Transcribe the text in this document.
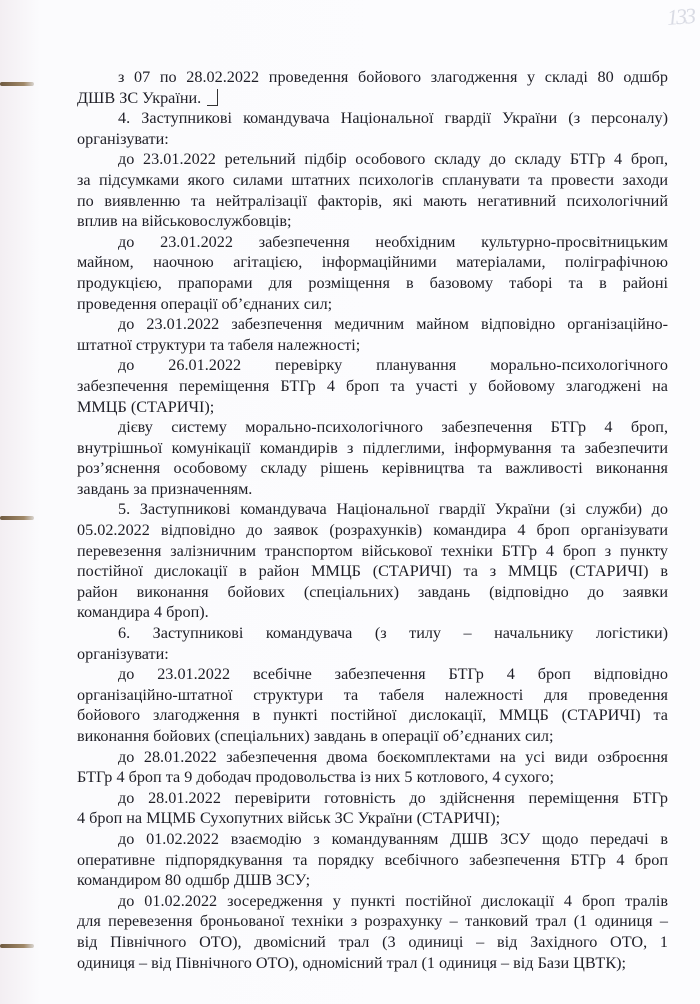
133
з 07 по 28.02.2022 проведення бойового злагодження у складі 80 одшбр
ДШВ ЗС України.
4. Заступникові командувача Національної гвардії України (з персоналу)
організувати:
до 23.01.2022 ретельний підбір особового складу до складу БТГр 4 броп,
за підсумками якого силами штатних психологів спланувати та провести заходи
по виявленню та нейтралізації факторів, які мають негативний психологічний
вплив на військовослужбовців;
до 23.01.2022 забезпечення необхідним культурно-просвітницьким
майном, наочною агітацією, інформаційними матеріалами, поліграфічною
продукцією, прапорами для розміщення в базовому таборі та в районі
проведення операції об’єднаних сил;
до 23.01.2022 забезпечення медичним майном відповідно організаційно-
штатної структури та табеля належності;
до 26.01.2022 перевірку планування морально-психологічного
забезпечення переміщення БТГр 4 броп та участі у бойовому злагоджені на
ММЦБ (СТАРИЧІ);
дієву систему морально-психологічного забезпечення БТГр 4 броп,
внутрішньої комунікації командирів з підлеглими, інформування та забезпечити
роз’яснення особовому складу рішень керівництва та важливості виконання
завдань за призначенням.
5. Заступникові командувача Національної гвардії України (зі служби) до
05.02.2022 відповідно до заявок (розрахунків) командира 4 броп організувати
перевезення залізничним транспортом військової техніки БТГр 4 броп з пункту
постійної дислокації в район ММЦБ (СТАРИЧІ) та з ММЦБ (СТАРИЧІ) в
район виконання бойових (спеціальних) завдань (відповідно до заявки
командира 4 броп).
6. Заступникові командувача (з тилу – начальнику логістики)
організувати:
до 23.01.2022 всебічне забезпечення БТГр 4 броп відповідно
організаційно-штатної структури та табеля належності для проведення
бойового злагодження в пункті постійної дислокації, ММЦБ (СТАРИЧІ) та
виконання бойових (спеціальних) завдань в операції об’єднаних сил;
до 28.01.2022 забезпечення двома боєкомплектами на усі види озброєння
БТГр 4 броп та 9 дободач продовольства із них 5 котлового, 4 сухого;
до 28.01.2022 перевірити готовність до здійснення переміщення БТГр
4 броп на МЦМБ Сухопутних військ ЗС України (СТАРИЧІ);
до 01.02.2022 взаємодію з командуванням ДШВ ЗСУ щодо передачі в
оперативне підпорядкування та порядку всебічного забезпечення БТГр 4 броп
командиром 80 одшбр ДШВ ЗСУ;
до 01.02.2022 зосередження у пункті постійної дислокації 4 броп тралів
для перевезення броньованої техніки з розрахунку – танковий трал (1 одиниця –
від Північного ОТО), двомісний трал (3 одиниці – від Західного ОТО, 1
одиниця – від Північного ОТО), одномісний трал (1 одиниця – від Бази ЦВТК);
